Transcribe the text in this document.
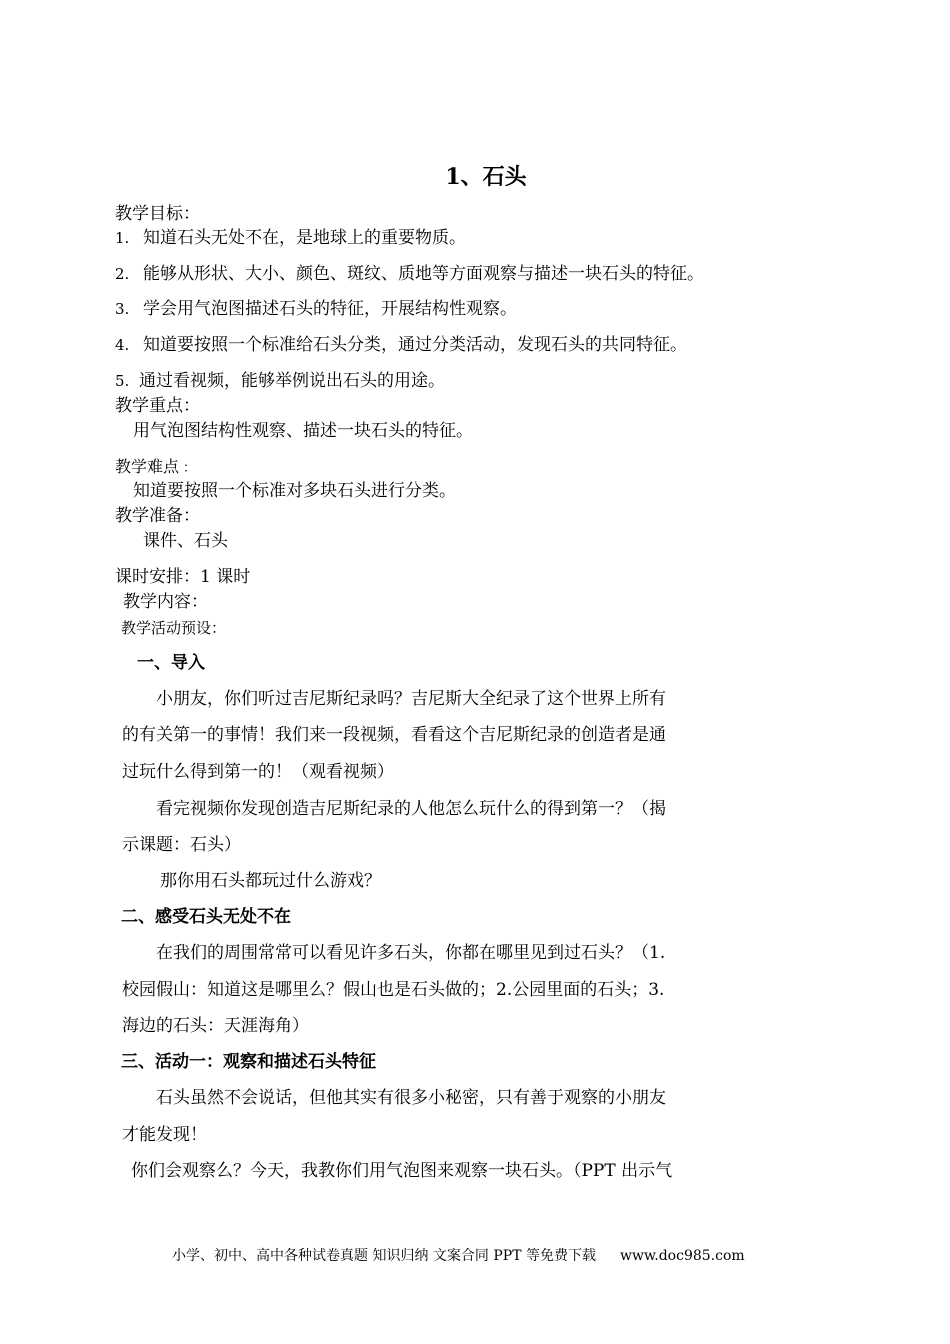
1、石头
教学目标：
1. 知道石头无处不在，是地球上的重要物质。
2. 能够从形状、大小、颜色、斑纹、质地等方面观察与描述一块石头的特征。
3. 学会用气泡图描述石头的特征，开展结构性观察。
4. 知道要按照一个标准给石头分类，通过分类活动，发现石头的共同特征。
5. 通过看视频，能够举例说出石头的用途。
教学重点：
用气泡图结构性观察、描述一块石头的特征。
教学难点 ：
知道要按照一个标准对多块石头进行分类。
教学准备：
课件、石头
课时安排：1 课时
教学内容：
教学活动预设：
一、导入
小朋友，你们听过吉尼斯纪录吗？吉尼斯大全纪录了这个世界上所有
的有关第一的事情！我们来一段视频，看看这个吉尼斯纪录的创造者是通
过玩什么得到第一的！（观看视频）
看完视频你发现创造吉尼斯纪录的人他怎么玩什么的得到第一？（揭
示课题：石头）
那你用石头都玩过什么游戏？
二、感受石头无处不在
在我们的周围常常可以看见许多石头，你都在哪里见到过石头？（1.
校园假山：知道这是哪里么？假山也是石头做的；2.公园里面的石头；3.
海边的石头：天涯海角）
三、活动一：观察和描述石头特征
石头虽然不会说话，但他其实有很多小秘密，只有善于观察的小朋友
才能发现！
你们会观察么？今天，我教你们用气泡图来观察一块石头。（PPT 出示气
小学、初中、高中各种试卷真题 知识归纳 文案合同 PPT 等免费下载 www.doc985.com
